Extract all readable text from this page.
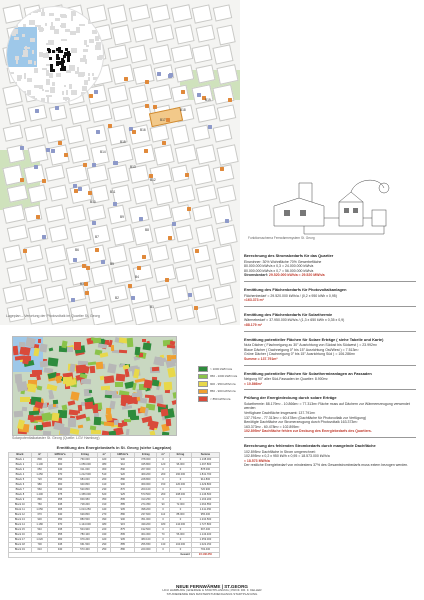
B19
B18
B17
B16
B15
B14
B13
B12
B11
B10
B9
B8
B7
B6
B5
B4
B3
B2
B1
Lageplan – Verortung der Photovoltaik im Quartier St. Georg
Funktionsschema Fernwärmesystem St. Georg
Solarpotentialkataster St. Georg (Quelle: LGV Hamburg)
> 1000 kWh/m²a
950 - 1000 kWh/m²a
900 - 950 kWh/m²a
850 - 900 kWh/m²a
< 850 kWh/m²a
Ermittlung des Energiebedarfs in St. Georg (siehe Lageplan)
Block	m²	kWh/m²a	Ertrag	m²	kWh/m²a	Ertrag	m²	Ertrag	Summe
Block 1	800	950	760.000	420	900	378.000	0	0	1.138.000
Block 2	1.100	960	1.056.000	380	910	345.800	120	96.000	1.497.800
Block 3	650	940	611.000	300	890	267.000	0	0	878.000
Block 4	1.250	970	1.212.500	510	920	469.200	200	160.000	1.841.700
Block 5	720	950	684.000	260	880	228.800	0	0	912.800
Block 6	980	960	940.800	410	900	369.000	150	120.000	1.429.800
Block 7	560	930	520.800	230	870	200.100	0	0	720.900
Block 8	1.400	975	1.365.000	620	925	573.500	260	208.000	2.146.500
Block 9	890	955	849.950	350	895	313.250	0	0	1.163.200
Block 10	760	945	718.200	310	885	274.350	90	72.000	1.064.550
Block 11	1.050	965	1.013.250	440	905	398.200	0	0	1.411.450
Block 12	670	940	629.800	270	880	237.600	110	88.000	955.400
Block 13	930	950	883.500	390	900	351.000	0	0	1.234.500
Block 14	1.180	970	1.144.600	480	915	439.200	180	144.000	1.727.800
Block 15	540	935	504.900	220	875	192.500	0	0	697.400
Block 16	820	955	783.100	340	895	304.300	70	56.000	1.143.400
Block 17	1.020	960	979.200	420	905	380.100	0	0	1.359.300
Block 18	700	945	661.500	290	885	256.650	130	104.000	1.022.150
Block 19	610	940	573.400	250	880	220.000	0	0	793.400
Gesamt									23.138.250
Berechnung des Stromsbedarfs für das Quartier

Einwohner: 30% Wohnfläche 70% Gewerbefläche

80.000.000 kWh/a x 0,3 = 24.000.000 kWh/a

80.000.000 kWh/a x 0,7 = 56.000.000 kWh/a

Stromsbedarf: 29.520.000 kWh/a ≈ 29.520 MWh/a

Ermittlung des Flächenbedarfs für Photovoltaikanlagen

Flächenbedarf = 29.520.000 kWh/a / (0,2 x 950 kWh x 0,95)

≈163.373 m²

Ermittlung des Flächenbedarfs für Solarthermie

Wärmebedarf = 37.950.000 kWh/a / (1,3 x 650 kWh x 0,35 x 0,9)

≈88.179 m²

Ermittlung potentieller Flächen für Solare Erträge ( siehe Tabelle und Karte)

Nutz Dächer ( Flachneigung zu 30° Ausrichtung von Südost bis Südwest ) = 23.992m²

Blaue Dächer ( Dachneigung 0° bis 15° Ausrichtung Ost/West ) = 7.513m²

Grüne Dächer ( Dachneigung 0° bis 15° Ausrichtung Süd ) = 106.286m²

Summe = 137.791m²

Ermittlung potentieller Flächen für Solarthermieanlagen an Fassaden

Neigung 90° aller Süd-Fassaden im Quartier: 8.900m²

≈ 10.866m²

Prüfung der Energiedeckung durch solare Erträge

Solarthermie: 88.179m² - 10.866m² = 77.313m² Fläche muss auf Dächern zur Wärmeerzeugung verwendet werden

Verfügbare Dachfläche insgesamt: 137.791m²

137.791m² - 77.313m² = 60.478m² (Dachfläche für Photovoltaik zur Verfügung)

Benötigte Dachfläche zur Stromerzeugung durch Photovoltaik 163.373m²

163.373m² - 60.478m² = 102.895m²

102.895m² Dachfläche fehlen zur Deckung des Energiebedarfs des Quartiers.

Berechnung des fehlenden Strombedarfs durch mangelnde Dachfläche

102.895m² Dachfläche in Strom umgerechnet:

102.895m² x 0,2 x 950 kWh x 0,95 = 18.573.000 kWh/a

≈ 18.573 MWh/a

Der restliche Energiebedarf von mindestens 37% des Gesamtstrombedarfs muss extern bezogen werden.

NEUE FERNWÄRME | ST.GEORG
HCU HAMBURG | ENERGIE & STADTPLANUNG | PROF. DR. F. KELLER
STUDIERENDE DES MASTERSTUDIENGANGS STADTPLANUNG
